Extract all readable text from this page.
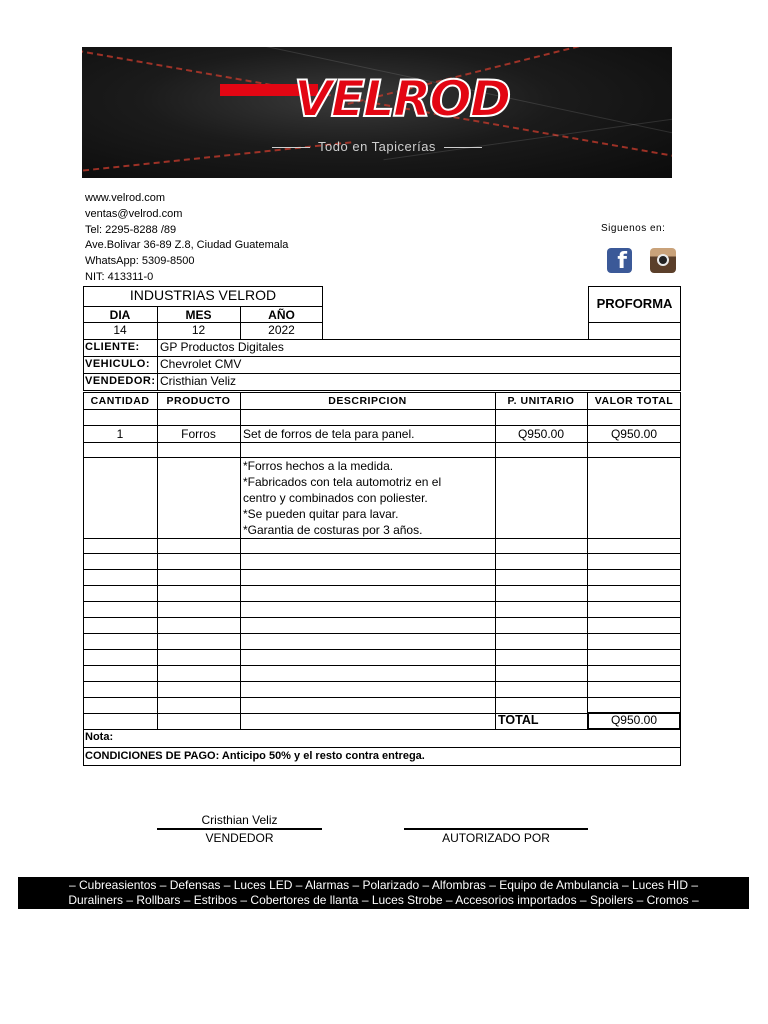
VELROD
Todo en Tapicerías
www.velrod.com
ventas@velrod.com
Tel: 2295-8288 /89
Ave.Bolivar 36-89 Z.8, Ciudad Guatemala
WhatsApp: 5309-8500
NIT: 413311-0
Siguenos en:
f
INDUSTRIAS VELROD
DIA	MES	AÑO
14	12	2022
PROFORMA
CLIENTE: GP Productos Digitales
VEHICULO: Chevrolet CMV
VENDEDOR: Cristhian Veliz
CANTIDAD	PRODUCTO	DESCRIPCION	P. UNITARIO	VALOR TOTAL
1	Forros	Set de forros de tela para panel.	Q950.00	Q950.00
*Forros hechos a la medida.
*Fabricados con tela automotriz en el
centro y combinados con poliester.
*Se pueden quitar para lavar.
*Garantia de costuras por 3 años.
TOTAL	Q950.00
Nota:
CONDICIONES DE PAGO: Anticipo 50% y el resto contra entrega.
Cristhian Veliz
VENDEDOR	AUTORIZADO POR
– Cubreasientos – Defensas – Luces LED – Alarmas – Polarizado – Alfombras – Equipo de Ambulancia – Luces HID –
Duraliners – Rollbars – Estribos – Cobertores de llanta – Luces Strobe – Accesorios importados – Spoilers – Cromos –
